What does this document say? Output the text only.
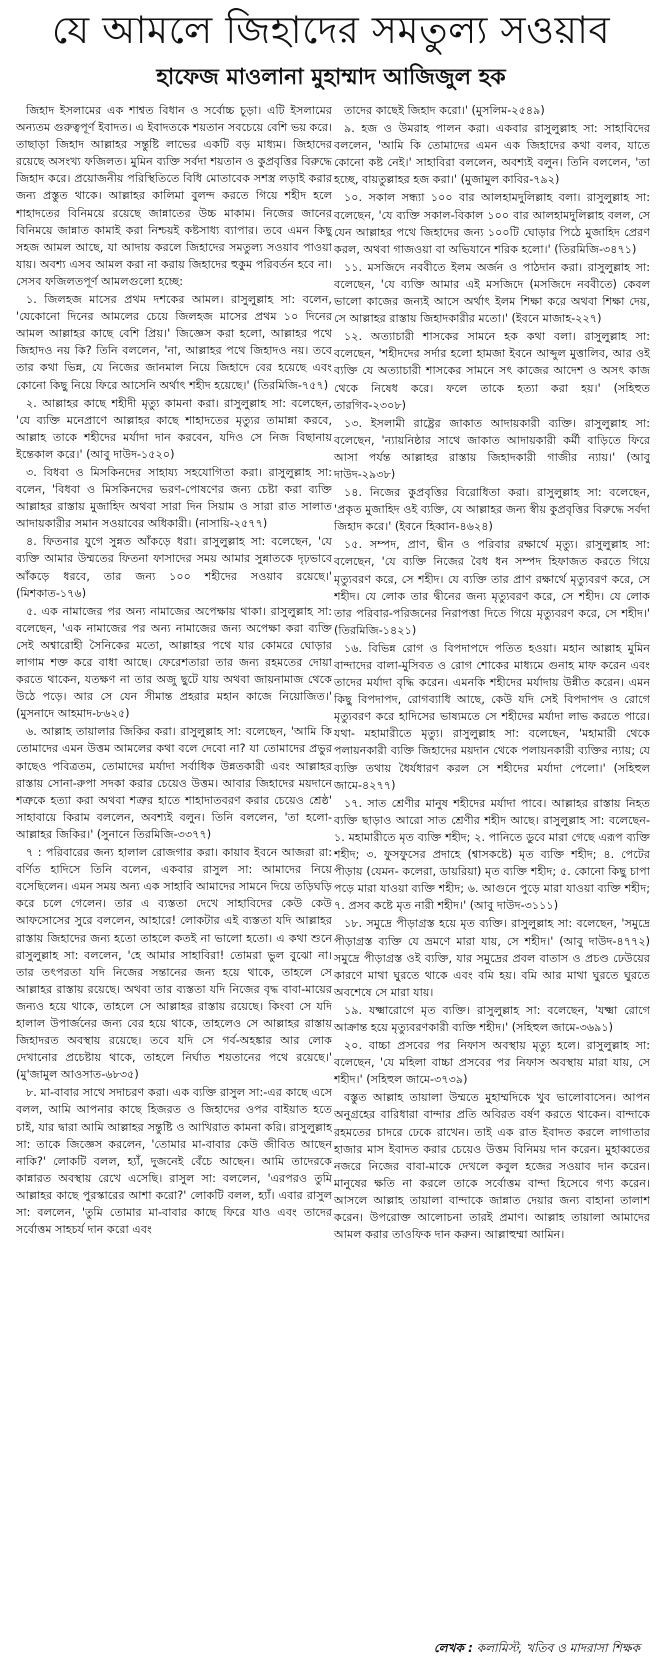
যে আমলে জিহাদের সমতুল্য সওয়াব
হাফেজ মাওলানা মুহাম্মাদ আজিজুল হক

জিহাদ ইসলামের এক শাশ্বত বিধান ও সর্বোচ্চ চূড়া। এটি ইসলামের অন্যতম গুরুত্বপূর্ণ ইবাদত। এ ইবাদতকে শয়তান সবচেয়ে বেশি ভয় করে। তাছাড়া জিহাদ আল্লাহর সন্তুষ্টি লাভের একটি বড় মাধ্যম। জিহাদের রয়েছে অসংখ্য ফজিলত। মুমিন ব্যক্তি সর্বদা শয়তান ও কুপ্রবৃত্তির বিরুদ্ধে জিহাদ করে। প্রয়োজনীয় পরিস্থিতিতে বিধি মোতাবেক সশস্ত্র লড়াই করার জন্য প্রস্তুত থাকে। আল্লাহর কালিমা বুলন্দ করতে গিয়ে শহীদ হলে শাহাদতের বিনিময়ে রয়েছে জান্নাতের উচ্চ মাকাম। নিজের জানের বিনিময়ে জান্নাত কামাই করা নিশ্চয়ই কষ্টসাধ্য ব্যাপার। তবে এমন কিছু সহজ আমল আছে, যা আদায় করলে জিহাদের সমতুল্য সওয়াব পাওয়া যায়। অবশ্য এসব আমল করা না করায় জিহাদের হুকুম পরিবর্তন হবে না। সেসব ফজিলতপূর্ণ আমলগুলো হচ্ছে:

১. জিলহজ মাসের প্রথম দশকের আমল। রাসুলুল্লাহ সা: বলেন, 'যেকোনো দিনের আমলের চেয়ে জিলহজ মাসের প্রথম ১০ দিনের আমল আল্লাহর কাছে বেশি প্রিয়।' জিজ্ঞেস করা হলো, আল্লাহর পথে জিহাদও নয় কি? তিনি বললেন, 'না, আল্লাহর পথে জিহাদও নয়। তবে তার কথা ভিন্ন, যে নিজের জানমাল নিয়ে জিহাদে বের হয়েছে এবং কোনো কিছু নিয়ে ফিরে আসেনি অর্থাৎ শহীদ হয়েছে।' (তিরমিজি-৭৫৭)

২. আল্লাহর কাছে শহীদী মৃত্যু কামনা করা। রাসুলুল্লাহ সা: বলেছেন, 'যে ব্যক্তি মনেপ্রাণে আল্লাহর কাছে শাহাদতের মৃত্যুর তামান্না করবে, আল্লাহ তাকে শহীদের মর্যাদা দান করবেন, যদিও সে নিজ বিছানায় ইন্তেকাল করে।' (আবু দাউদ-১৫২০)

৩. বিধবা ও মিসকিনদের সাহায্য সহযোগিতা করা। রাসুলুল্লাহ সা: বলেন, 'বিধবা ও মিসকিনদের ভরণ-পোষণের জন্য চেষ্টা করা ব্যক্তি আল্লাহর রাস্তায় মুজাহিদ অথবা সারা দিন সিয়াম ও সারা রাত সালাত আদায়কারীর সমান সওয়াবের অধিকারী। (নাসায়ি-২৫৭৭)

৪. ফিতনার যুগে সুন্নত আঁকড়ে ধরা। রাসুলুল্লাহ সা: বলেছেন, 'যে ব্যক্তি আমার উম্মতের ফিতনা ফাসাদের সময় আমার সুন্নাতকে দৃঢ়ভাবে আঁকড়ে ধরবে, তার জন্য ১০০ শহীদের সওয়াব রয়েছে।' (মিশকাত-১৭৬)

৫. এক নামাজের পর অন্য নামাজের অপেক্ষায় থাকা। রাসুলুল্লাহ সা: বলেছেন, 'এক নামাজের পর অন্য নামাজের জন্য অপেক্ষা করা ব্যক্তি সেই অশ্বারোহী সৈনিকের মতো, আল্লাহর পথে যার কোমরে ঘোড়ার লাগাম শক্ত করে বাধা আছে। ফেরেশতারা তার জন্য রহমতের দোয়া করতে থাকেন, যতক্ষণ না তার অজু ছুটে যায় অথবা জায়নামাজ থেকে উঠে পড়ে। আর সে যেন সীমান্ত প্রহরার মহান কাজে নিয়োজিত।' (মুসনাদে আহমাদ-৮৬২৫)

৬. আল্লাহ তায়ালার জিকির করা। রাসুলুল্লাহ সা: বলেছেন, 'আমি কি তোমাদের এমন উত্তম আমলের কথা বলে দেবো না? যা তোমাদের প্রভুর কাছেও পবিত্রতম, তোমাদের মর্যাদা সর্বাধিক উন্নতকারী এবং আল্লাহর রাস্তায় সোনা-রুপা সদকা করার চেয়েও উত্তম। আবার জিহাদের ময়দানে শত্রুকে হত্যা করা অথবা শত্রুর হাতে শাহাদাতবরণ করার চেয়েও শ্রেষ্ঠ' সাহাবায়ে কিরাম বললেন, অবশ্যই বলুন। তিনি বললেন, 'তা হলো- আল্লাহর জিকির।' (সুনানে তিরমিজি-৩৩৭৭)

৭ : পরিবারের জন্য হালাল রোজগার করা। কায়াব ইবনে আজরা রা: বর্ণিত হাদিসে তিনি বলেন, একবার রাসুল সা: আমাদের নিয়ে বসেছিলেন। এমন সময় অন্য এক সাহাবি আমাদের সামনে দিয়ে তড়িঘড়ি করে চলে গেলেন। তার এ ব্যস্ততা দেখে সাহাবিদের কেউ কেউ আফসোসের সুরে বললেন, আহারে! লোকটার এই ব্যস্ততা যদি আল্লাহর রাস্তায় জিহাদের জন্য হতো তাহলে কতই না ভালো হতো। এ কথা শুনে রাসুলুল্লাহ সা: বললেন, 'হে আমার সাহাবিরা! তোমরা ভুল বুঝো না। তার তৎপরতা যদি নিজের সন্তানের জন্য হয়ে থাকে, তাহলে সে আল্লাহর রাস্তায় রয়েছে। অথবা তার ব্যস্ততা যদি নিজের বৃদ্ধ বাবা-মায়ের জন্যও হয়ে থাকে, তাহলে সে আল্লাহর রাস্তায় রয়েছে। কিংবা সে যদি হালাল উপার্জনের জন্য বের হয়ে থাকে, তাহলেও সে আল্লাহর রাস্তায় জিহাদরত অবস্থায় রয়েছে। তবে যদি সে গর্ব-অহঙ্কার আর লোক দেখানোর প্রচেষ্টায় থাকে, তাহলে নির্ঘাত শয়তানের পথে রয়েছে।' (মু'জামুল আওসাত-৬৮৩৫)

৮. মা-বাবার সাথে সদাচরণ করা। এক ব্যক্তি রাসুল সা:-এর কাছে এসে বলল, আমি আপনার কাছে হিজরত ও জিহাদের ওপর বাইয়াত হতে চাই, যার দ্বারা আমি আল্লাহর সন্তুষ্টি ও আখিরাত কামনা করি। রাসুলুল্লাহ সা: তাকে জিজ্ঞেস করলেন, 'তোমার মা-বাবার কেউ জীবিত আছেন নাকি?' লোকটি বলল, হ্যাঁ, দুজনেই বেঁচে আছেন। আমি তাদেরকে কান্নারত অবস্থায় রেখে এসেছি। রাসুল সা: বললেন, 'এরপরও তুমি আল্লাহর কাছে পুরস্কারের আশা করো?' লোকটি বলল, হ্যাঁ। এবার রাসুল সা: বললেন, 'তুমি তোমার মা-বাবার কাছে ফিরে যাও এবং তাদের সর্বোত্তম সাহচর্য দান করো এবং

তাদের কাছেই জিহাদ করো।' (মুসলিম-২৫৪৯)

৯. হজ ও উমরাহ পালন করা। একবার রাসুলুল্লাহ সা: সাহাবিদের বললেন, 'আমি কি তোমাদের এমন এক জিহাদের কথা বলব, যাতে কোনো কষ্ট নেই।' সাহাবিরা বললেন, অবশ্যই বলুন। তিনি বললেন, 'তা হচ্ছে, বায়তুল্লাহর হজ করা।' (মুজামুল কাবির-৭৯২)

১০. সকাল সন্ধ্যা ১০০ বার আলহামদুলিল্লাহ বলা। রাসুলুল্লাহ সা: বলেছেন, 'যে ব্যক্তি সকাল-বিকাল ১০০ বার আলহামদুলিল্লাহ বলল, সে যেন আল্লাহর পথে জিহাদের জন্য ১০০টি ঘোড়ার পিঠে মুজাহিদ প্রেরণ করল, অথবা গাজওয়া বা অভিযানে শরিক হলো।' (তিরমিজি-৩৪৭১)

১১. মসজিদে নববীতে ইলম অর্জন ও পাঠদান করা। রাসুলুল্লাহ সা: বলেছেন, 'যে ব্যক্তি আমার এই মসজিদে (মসজিদে নববীতে) কেবল ভালো কাজের জন্যই আসে অর্থাৎ ইলম শিক্ষা করে অথবা শিক্ষা দেয়, সে আল্লাহর রাস্তায় জিহাদকারীর মতো।' (ইবনে মাজাহ-২২৭)

১২. অত্যাচারী শাসকের সামনে হক কথা বলা। রাসুলুল্লাহ সা: বলেছেন, 'শহীদদের সর্দার হলো হামজা ইবনে আব্দুল মুত্তালিব, আর ওই ব্যক্তি যে অত্যাচারী শাসকের সামনে সৎ কাজের আদেশ ও অসৎ কাজ থেকে নিষেধ করে। ফলে তাকে হত্যা করা হয়।' (সহিহুত তারগিব-২৩০৮)

১৩. ইসলামী রাষ্ট্রের জাকাত আদায়কারী ব্যক্তি। রাসুলুল্লাহ সা: বলেছেন, 'ন্যায়নিষ্ঠার সাথে জাকাত আদায়কারী কর্মী বাড়িতে ফিরে আসা পর্যন্ত আল্লাহর রাস্তায় জিহাদকারী গাজীর ন্যায়।' (আবু দাউদ-২৯৩৮)

১৪. নিজের কুপ্রবৃত্তির বিরোধিতা করা। রাসুলুল্লাহ সা: বলেছেন, 'প্রকৃত মুজাহিদ ওই ব্যক্তি, যে আল্লাহর জন্য স্বীয় কুপ্রবৃত্তির বিরুদ্ধে সর্বদা জিহাদ করে।' (ইবনে হিব্বান-৪৬২৪)

১৫. সম্পদ, প্রাণ, দ্বীন ও পরিবার রক্ষার্থে মৃত্যু। রাসুলুল্লাহ সা: বলেছেন, 'যে ব্যক্তি নিজের বৈধ ধন সম্পদ হিফাজত করতে গিয়ে মৃত্যুবরণ করে, সে শহীদ। যে ব্যক্তি তার প্রাণ রক্ষার্থে মৃত্যুবরণ করে, সে শহীদ। যে লোক তার দ্বীনের জন্য মৃত্যুবরণ করে, সে শহীদ। যে লোক তার পরিবার-পরিজনের নিরাপত্তা দিতে গিয়ে মৃত্যুবরণ করে, সে শহীদ।' (তিরমিজি-১৪২১)

১৬. বিভিন্ন রোগ ও বিপদাপদে পতিত হওয়া। মহান আল্লাহ মুমিন বান্দাদের বালা-মুসিবত ও রোগ শোকের মাধ্যমে গুনাহ মাফ করেন এবং তাদের মর্যাদা বৃদ্ধি করেন। এমনকি শহীদের মর্যাদায় উন্নীত করেন। এমন কিছু বিপদাপদ, রোগব্যাধি আছে, কেউ যদি সেই বিপদাপদ ও রোগে মৃত্যুবরণ করে হাদিসের ভাষ্যমতে সে শহীদের মর্যাদা লাভ করতে পারে। যথা- মহামারীতে মৃত্যু। রাসুলুল্লাহ সা: বলেছেন, 'মহামারী থেকে পলায়নকারী ব্যক্তি জিহাদের ময়দান থেকে পলায়নকারী ব্যক্তির ন্যায়; যে ব্যক্তি তথায় ধৈর্যধারণ করল সে শহীদের মর্যাদা পেলো।' (সহিহুল জামে-৪২৭৭)

১৭. সাত শ্রেণীর মানুষ শহীদের মর্যাদা পাবে। আল্লাহর রাস্তায় নিহত ব্যক্তি ছাড়াও আরো সাত শ্রেণীর শহীদ আছে। রাসুলুল্লাহ সা: বলেছেন- ১. মহামারীতে মৃত ব্যক্তি শহীদ; ২. পানিতে ডুবে মারা গেছে এরূপ ব্যক্তি শহীদ; ৩. ফুসফুসের প্রদাহে (শ্বাসকষ্টে) মৃত ব্যক্তি শহীদ; ৪. পেটের পীড়ায় (যেমন- কলেরা, ডায়রিয়া) মৃত ব্যক্তি শহীদ; ৫. কোনো কিছু চাপা পড়ে মারা যাওয়া ব্যক্তি শহীদ; ৬. আগুনে পুড়ে মারা যাওয়া ব্যক্তি শহীদ; ৭. প্রসব কষ্টে মৃত নারী শহীদ।' (আবু দাউদ-৩১১১)

১৮. সমুদ্রে পীড়াগ্রস্ত হয়ে মৃত ব্যক্তি। রাসুলুল্লাহ সা: বলেছেন, 'সমুদ্রে পীড়াগ্রস্ত ব্যক্তি যে ভ্রমণে মারা যায়, সে শহীদ।' (আবু দাউদ-৪৭৭২) সমুদ্রে পীড়াগ্রস্ত ওই ব্যক্তি, যার সমুদ্রের প্রবল বাতাস ও প্রচণ্ড ঢেউয়ের কারণে মাথা ঘুরতে থাকে এবং বমি হয়। বমি আর মাথা ঘুরতে ঘুরতে অবশেষে সে মারা যায়।

১৯. যক্ষ্মারোগে মৃত ব্যক্তি। রাসুলুল্লাহ সা: বলেছেন, 'যক্ষ্মা রোগে আক্রান্ত হয়ে মৃত্যুবরণকারী ব্যক্তি শহীদ।' (সহিহুল জামে-৩৬৯১)

২০. বাচ্চা প্রসবের পর নিফাস অবস্থায় মৃত্যু হলে। রাসুলুল্লাহ সা: বলেছেন, 'যে মহিলা বাচ্চা প্রসবের পর নিফাস অবস্থায় মারা যায়, সে শহীদ।' (সহিহুল জামে-৩৭৩৯)

বস্তুত আল্লাহ তায়ালা উম্মতে মুহাম্মদিকে খুব ভালোবাসেন। আপন অনুগ্রহের বারিধারা বান্দার প্রতি অবিরত বর্ষণ করতে থাকেন। বান্দাকে রহমতের চাদরে ঢেকে রাখেন। তাই এক রাত ইবাদত করলে লাগাতার হাজার মাস ইবাদত করার চেয়েও উত্তম বিনিময় দান করেন। মুহাব্বতের নজরে নিজের বাবা-মাকে দেখলে কবুল হজের সওয়াব দান করেন। মানুষের ক্ষতি না করলে তাকে সর্বোত্তম বান্দা হিসেবে গণ্য করেন। আসলে আল্লাহ তায়ালা বান্দাকে জান্নাত দেয়ার জন্য বাহানা তালাশ করেন। উপরোক্ত আলোচনা তারই প্রমাণ। আল্লাহ তায়ালা আমাদের আমল করার তাওফিক দান করুন। আল্লাহুম্মা আমিন।

লেখক : কলামিস্ট, খতিব ও মাদরাসা শিক্ষক
